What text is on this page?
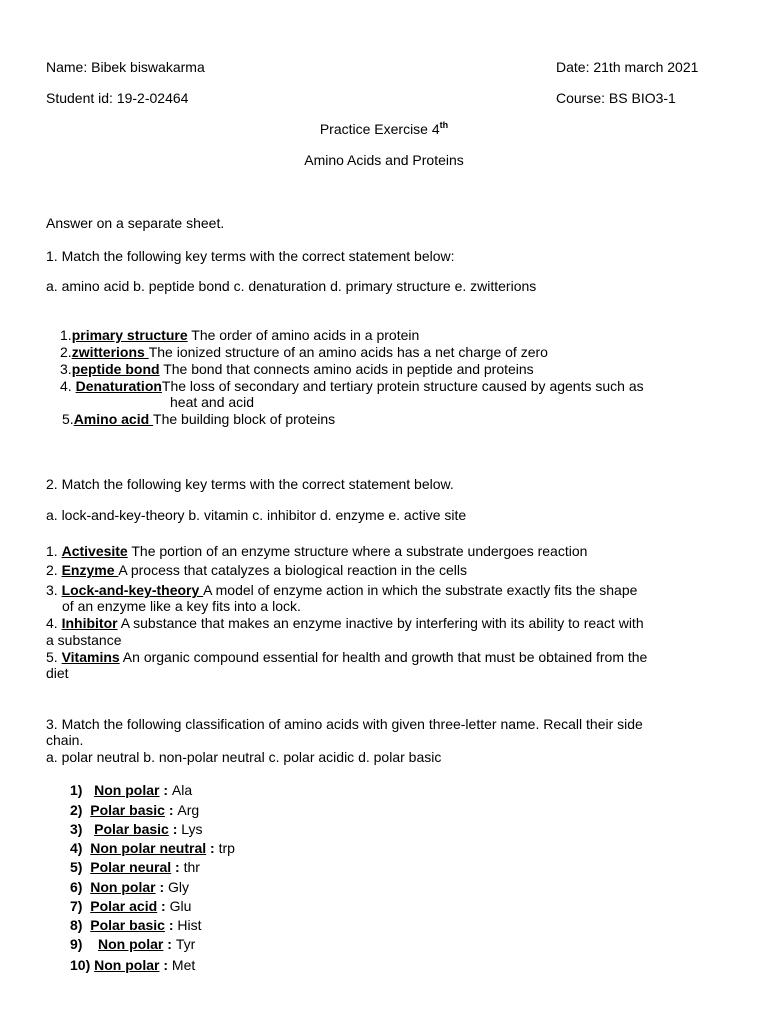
Name: Bibek biswakarma	Date: 21th march 2021
Student id: 19-2-02464	Course: BS BIO3-1
Practice Exercise 4th
Amino Acids and Proteins
Answer on a separate sheet.
1. Match the following key terms with the correct statement below:
a. amino acid b. peptide bond c. denaturation d. primary structure e. zwitterions
1.primary structure The order of amino acids in a protein
2.zwitterions The ionized structure of an amino acids has a net charge of zero
3.peptide bond The bond that connects amino acids in peptide and proteins
4. DenaturationThe loss of secondary and tertiary protein structure caused by agents such as
heat and acid
5.Amino acid The building block of proteins
2. Match the following key terms with the correct statement below.
a. lock-and-key-theory b. vitamin c. inhibitor d. enzyme e. active site
1. Activesite The portion of an enzyme structure where a substrate undergoes reaction
2. Enzyme A process that catalyzes a biological reaction in the cells
3. Lock-and-key-theory A model of enzyme action in which the substrate exactly fits the shape
of an enzyme like a key fits into a lock.
4. Inhibitor A substance that makes an enzyme inactive by interfering with its ability to react with
a substance
5. Vitamins An organic compound essential for health and growth that must be obtained from the
diet
3. Match the following classification of amino acids with given three-letter name. Recall their side
chain.
a. polar neutral b. non-polar neutral c. polar acidic d. polar basic
1) Non polar : Ala
2) Polar basic : Arg
3) Polar basic : Lys
4) Non polar neutral : trp
5) Polar neural : thr
6) Non polar : Gly
7) Polar acid : Glu
8) Polar basic : Hist
9) Non polar : Tyr
10) Non polar : Met
